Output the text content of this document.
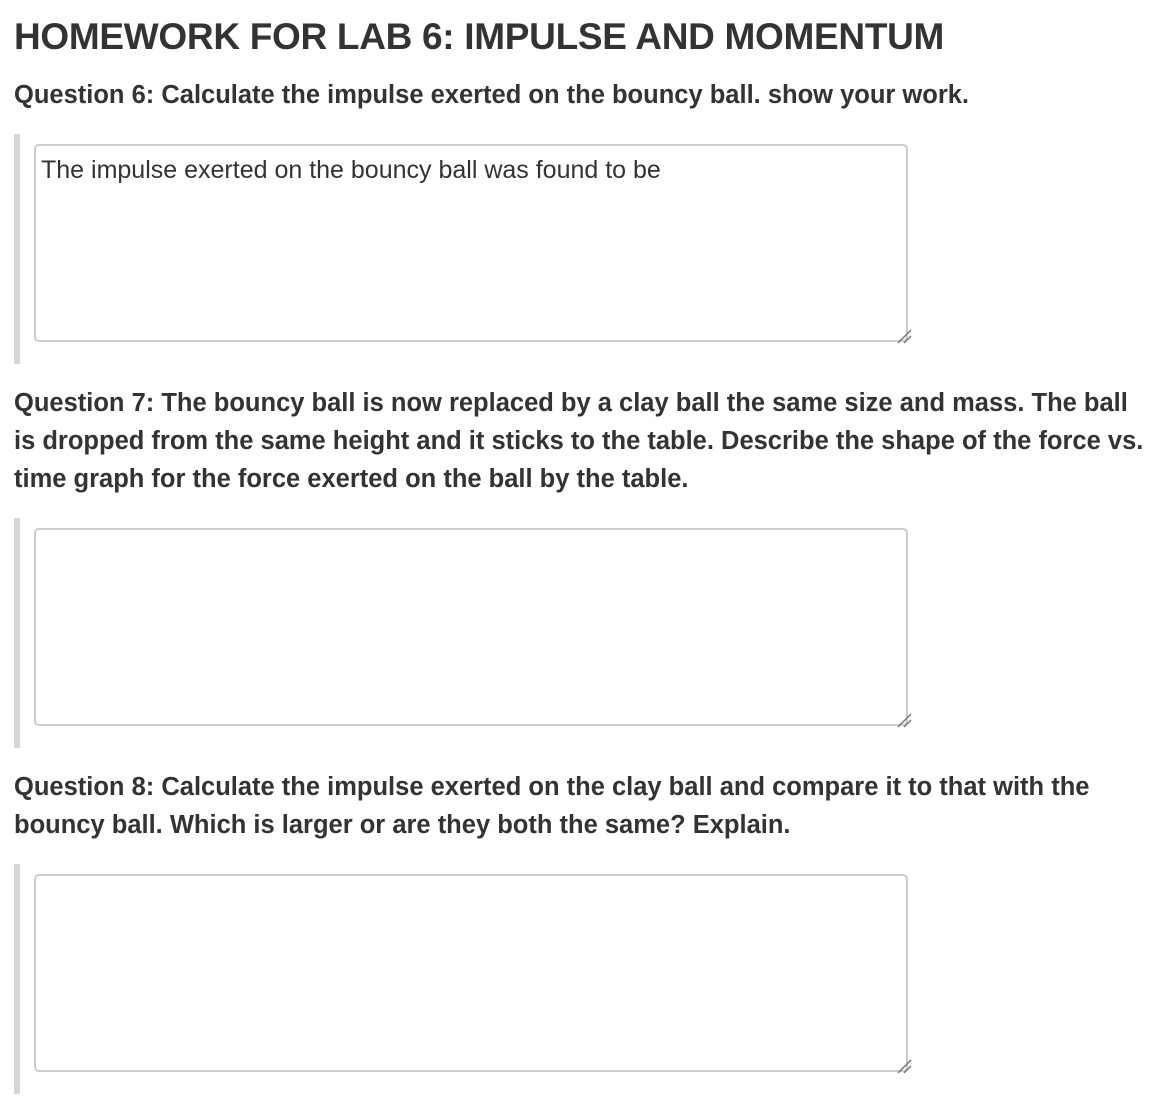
HOMEWORK FOR LAB 6: IMPULSE AND MOMENTUM

Question 6: Calculate the impulse exerted on the bouncy ball. show your work.

The impulse exerted on the bouncy ball was found to be

Question 7: The bouncy ball is now replaced by a clay ball the same size and mass. The ball is dropped from the same height and it sticks to the table. Describe the shape of the force vs. time graph for the force exerted on the ball by the table.

Question 8: Calculate the impulse exerted on the clay ball and compare it to that with the bouncy ball. Which is larger or are they both the same? Explain.
